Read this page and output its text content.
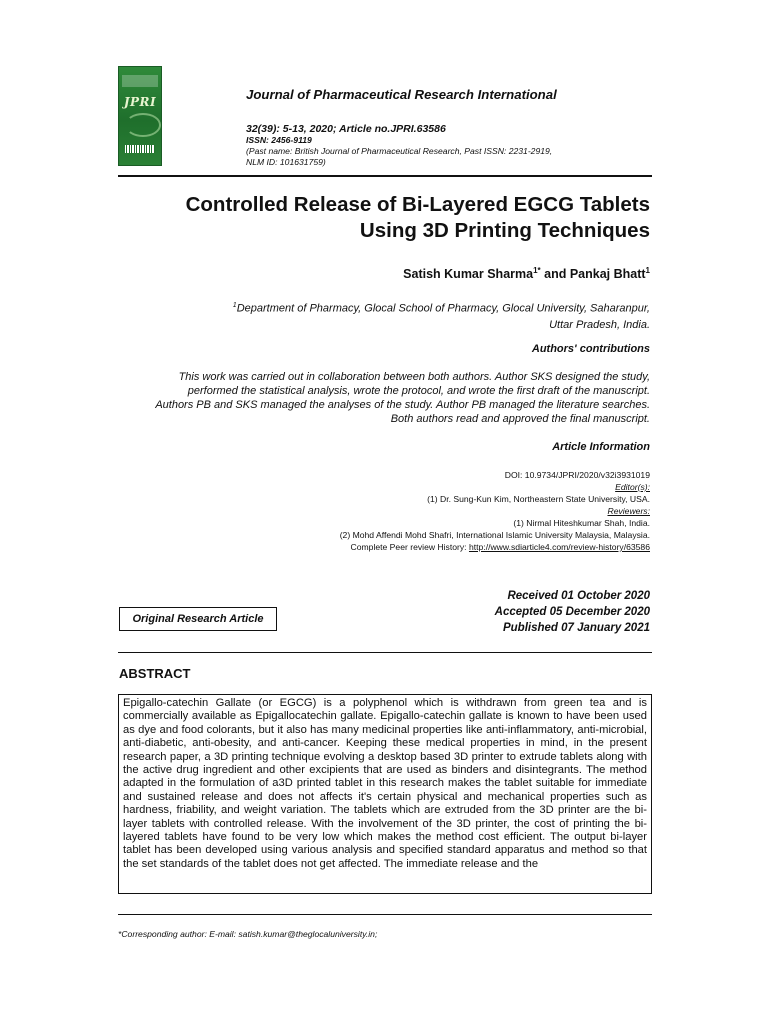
JPRI	Journal of Pharmaceutical Research International
32(39): 5-13, 2020; Article no.JPRI.63586
ISSN: 2456-9119
(Past name: British Journal of Pharmaceutical Research, Past ISSN: 2231-2919,
NLM ID: 101631759)
Controlled Release of Bi-Layered EGCG Tablets
Using 3D Printing Techniques
Satish Kumar Sharma$^{1*}$ and Pankaj Bhatt$^1$
$^1$Department of Pharmacy, Glocal School of Pharmacy, Glocal University, Saharanpur,
Uttar Pradesh, India.
Authors' contributions
This work was carried out in collaboration between both authors. Author SKS designed the study,
performed the statistical analysis, wrote the protocol, and wrote the first draft of the manuscript.
Authors PB and SKS managed the analyses of the study. Author PB managed the literature searches.
Both authors read and approved the final manuscript.
Article Information
DOI: 10.9734/JPRI/2020/v32i3931019
Editor(s):
(1) Dr. Sung-Kun Kim, Northeastern State University, USA.
Reviewers:
(1) Nirmal Hiteshkumar Shah, India.
(2) Mohd Affendi Mohd Shafri, International Islamic University Malaysia, Malaysia.
Complete Peer review History: http://www.sdiarticle4.com/review-history/63586
Received 01 October 2020
Accepted 05 December 2020
Published 07 January 2021
Original Research Article
ABSTRACT

Epigallo-catechin Gallate (or EGCG) is a polyphenol which is withdrawn from green tea and is commercially available as Epigallocatechin gallate. Epigallo-catechin gallate is known to have been used as dye and food colorants, but it also has many medicinal properties like anti-inflammatory, anti-microbial, anti-diabetic, anti-obesity, and anti-cancer. Keeping these medical properties in mind, in the present research paper, a 3D printing technique evolving a desktop based 3D printer to extrude tablets along with the active drug ingredient and other excipients that are used as binders and disintegrants. The method adapted in the formulation of a3D printed tablet in this research makes the tablet suitable for immediate and sustained release and does not affects it's certain physical and mechanical properties such as hardness, friability, and weight variation. The tablets which are extruded from the 3D printer are the bi-layer tablets with controlled release. With the involvement of the 3D printer, the cost of printing the bi-layered tablets have found to be very low which makes the method cost efficient. The output bi-layer tablet has been developed using various analysis and specified standard apparatus and method so that the set standards of the tablet does not get affected. The immediate release and the

*Corresponding author: E-mail: satish.kumar@theglocaluniversity.in;
